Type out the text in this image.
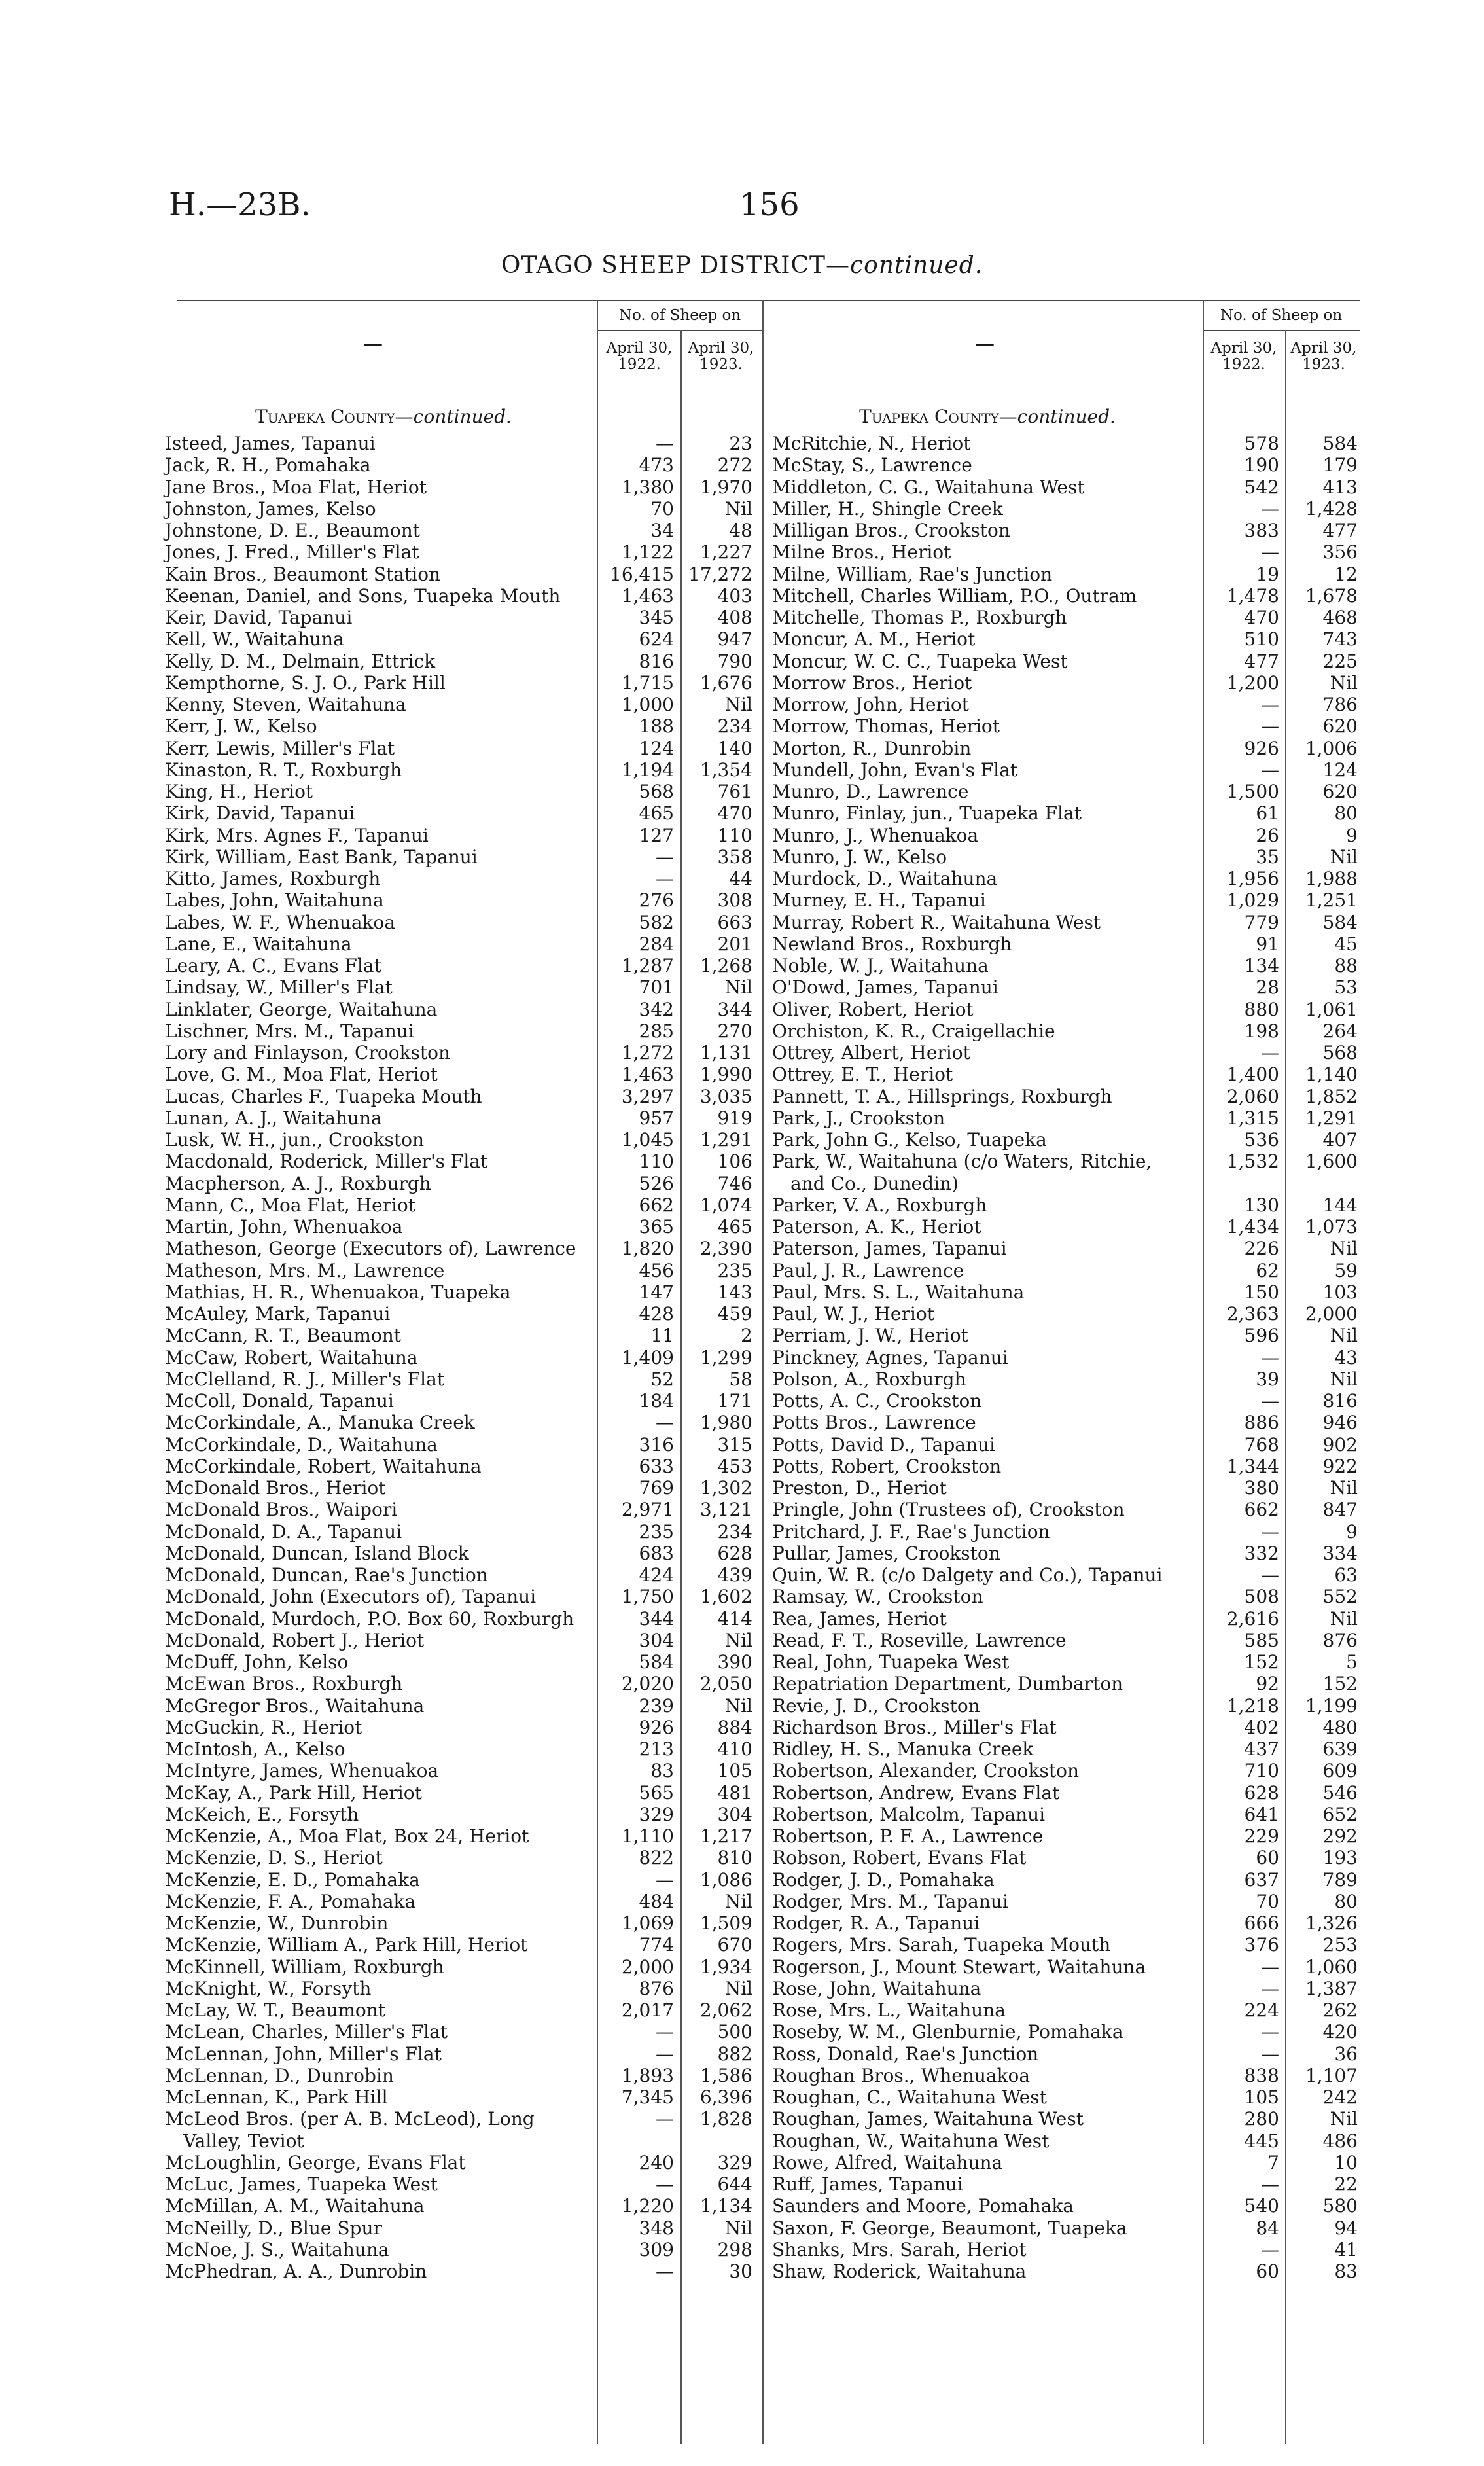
H.—23B.	156
OTAGO SHEEP DISTRICT—continued.
—
No. of Sheep on
April 30, 1922.
April 30, 1923.
—
No. of Sheep on
April 30, 1922.
April 30, 1923.
Tuapeka County—continued.	Tuapeka County—continued.
Isteed, James, Tapanui	—	23
Jack, R. H., Pomahaka	473 272
Jane Bros., Moa Flat, Heriot	1,380 1,970
Johnston, James, Kelso	70	Nil
Johnstone, D. E., Beaumont	34	48
Jones, J. Fred., Miller's Flat	1,122 1,227
Kain Bros., Beaumont Station	16,415 17,272
Keenan, Daniel, and Sons, Tuapeka Mouth	1,463 403
Keir, David, Tapanui	345 408
Kell, W., Waitahuna	624 947
Kelly, D. M., Delmain, Ettrick	816 790
Kempthorne, S. J. O., Park Hill	1,715 1,676
Kenny, Steven, Waitahuna	1,000	Nil
Kerr, J. W., Kelso	188 234
Kerr, Lewis, Miller's Flat	124 140
Kinaston, R. T., Roxburgh	1,194 1,354
King, H., Heriot	568 761
Kirk, David, Tapanui	465 470
Kirk, Mrs. Agnes F., Tapanui	127 110
Kirk, William, East Bank, Tapanui	— 358
Kitto, James, Roxburgh	—	44
Labes, John, Waitahuna	276 308
Labes, W. F., Whenuakoa	582 663
Lane, E., Waitahuna	284 201
Leary, A. C., Evans Flat	1,287 1,268
Lindsay, W., Miller's Flat	701	Nil
Linklater, George, Waitahuna	342 344
Lischner, Mrs. M., Tapanui	285 270
Lory and Finlayson, Crookston	1,272 1,131
Love, G. M., Moa Flat, Heriot	1,463 1,990
Lucas, Charles F., Tuapeka Mouth	3,297 3,035
Lunan, A. J., Waitahuna	957 919
Lusk, W. H., jun., Crookston	1,045 1,291
Macdonald, Roderick, Miller's Flat	110 106
Macpherson, A. J., Roxburgh	526 746
Mann, C., Moa Flat, Heriot	662 1,074
Martin, John, Whenuakoa	365 465
Matheson, George (Executors of), Lawrence 1,820 2,390
Matheson, Mrs. M., Lawrence	456 235
Mathias, H. R., Whenuakoa, Tuapeka	147 143
McAuley, Mark, Tapanui	428 459
McCann, R. T., Beaumont	11	2
McCaw, Robert, Waitahuna	1,409 1,299
McClelland, R. J., Miller's Flat	52	58
McColl, Donald, Tapanui	184 171
McCorkindale, A., Manuka Creek	— 1,980
McCorkindale, D., Waitahuna	316 315
McCorkindale, Robert, Waitahuna	633 453
McDonald Bros., Heriot	769 1,302
McDonald Bros., Waipori	2,971 3,121
McDonald, D. A., Tapanui	235 234
McDonald, Duncan, Island Block	683 628
McDonald, Duncan, Rae's Junction	424 439
McDonald, John (Executors of), Tapanui	1,750 1,602
McDonald, Murdoch, P.O. Box 60, Roxburgh	344 414
McDonald, Robert J., Heriot	304	Nil
McDuff, John, Kelso	584 390
McEwan Bros., Roxburgh	2,020 2,050
McGregor Bros., Waitahuna	239	Nil
McGuckin, R., Heriot	926 884
McIntosh, A., Kelso	213 410
McIntyre, James, Whenuakoa	83 105
McKay, A., Park Hill, Heriot	565 481
McKeich, E., Forsyth	329 304
McKenzie, A., Moa Flat, Box 24, Heriot	1,110 1,217
McKenzie, D. S., Heriot	822 810
McKenzie, E. D., Pomahaka	— 1,086
McKenzie, F. A., Pomahaka	484	Nil
McKenzie, W., Dunrobin	1,069 1,509
McKenzie, William A., Park Hill, Heriot	774 670
McKinnell, William, Roxburgh	2,000 1,934
McKnight, W., Forsyth	876	Nil
McLay, W. T., Beaumont	2,017 2,062
McLean, Charles, Miller's Flat	— 500
McLennan, John, Miller's Flat	— 882
McLennan, D., Dunrobin	1,893 1,586
McLennan, K., Park Hill	7,345 6,396
McLeod Bros. (per A. B. McLeod), Long	— 1,828
Valley, Teviot
McLoughlin, George, Evans Flat	240 329
McLuc, James, Tuapeka West	— 644
McMillan, A. M., Waitahuna	1,220 1,134
McNeilly, D., Blue Spur	348	Nil
McNoe, J. S., Waitahuna	309 298
McPhedran, A. A., Dunrobin	—	30
McRitchie, N., Heriot	578 584
McStay, S., Lawrence	190 179
Middleton, C. G., Waitahuna West	542 413
Miller, H., Shingle Creek	— 1,428
Milligan Bros., Crookston	383 477
Milne Bros., Heriot	— 356
Milne, William, Rae's Junction	19	12
Mitchell, Charles William, P.O., Outram	1,478 1,678
Mitchelle, Thomas P., Roxburgh	470 468
Moncur, A. M., Heriot	510 743
Moncur, W. C. C., Tuapeka West	477 225
Morrow Bros., Heriot	1,200	Nil
Morrow, John, Heriot	— 786
Morrow, Thomas, Heriot	— 620
Morton, R., Dunrobin	926 1,006
Mundell, John, Evan's Flat	— 124
Munro, D., Lawrence	1,500 620
Munro, Finlay, jun., Tuapeka Flat	61	80
Munro, J., Whenuakoa	26	9
Munro, J. W., Kelso	35	Nil
Murdock, D., Waitahuna	1,956 1,988
Murney, E. H., Tapanui	1,029 1,251
Murray, Robert R., Waitahuna West	779 584
Newland Bros., Roxburgh	91	45
Noble, W. J., Waitahuna	134	88
O'Dowd, James, Tapanui	28	53
Oliver, Robert, Heriot	880 1,061
Orchiston, K. R., Craigellachie	198 264
Ottrey, Albert, Heriot	— 568
Ottrey, E. T., Heriot	1,400 1,140
Pannett, T. A., Hillsprings, Roxburgh	2,060 1,852
Park, J., Crookston	1,315 1,291
Park, John G., Kelso, Tuapeka	536 407
Park, W., Waitahuna (c/o Waters, Ritchie,	1,532 1,600
and Co., Dunedin)
Parker, V. A., Roxburgh	130 144
Paterson, A. K., Heriot	1,434 1,073
Paterson, James, Tapanui	226	Nil
Paul, J. R., Lawrence	62	59
Paul, Mrs. S. L., Waitahuna	150 103
Paul, W. J., Heriot	2,363 2,000
Perriam, J. W., Heriot	596	Nil
Pinckney, Agnes, Tapanui	—	43
Polson, A., Roxburgh	39	Nil
Potts, A. C., Crookston	— 816
Potts Bros., Lawrence	886 946
Potts, David D., Tapanui	768 902
Potts, Robert, Crookston	1,344 922
Preston, D., Heriot	380	Nil
Pringle, John (Trustees of), Crookston	662 847
Pritchard, J. F., Rae's Junction	—	9
Pullar, James, Crookston	332 334
Quin, W. R. (c/o Dalgety and Co.), Tapanui	—	63
Ramsay, W., Crookston	508 552
Rea, James, Heriot	2,616	Nil
Read, F. T., Roseville, Lawrence	585 876
Real, John, Tuapeka West	152	5
Repatriation Department, Dumbarton	92 152
Revie, J. D., Crookston	1,218 1,199
Richardson Bros., Miller's Flat	402 480
Ridley, H. S., Manuka Creek	437 639
Robertson, Alexander, Crookston	710 609
Robertson, Andrew, Evans Flat	628 546
Robertson, Malcolm, Tapanui	641 652
Robertson, P. F. A., Lawrence	229 292
Robson, Robert, Evans Flat	60 193
Rodger, J. D., Pomahaka	637 789
Rodger, Mrs. M., Tapanui	70	80
Rodger, R. A., Tapanui	666 1,326
Rogers, Mrs. Sarah, Tuapeka Mouth	376 253
Rogerson, J., Mount Stewart, Waitahuna	— 1,060
Rose, John, Waitahuna	— 1,387
Rose, Mrs. L., Waitahuna	224 262
Roseby, W. M., Glenburnie, Pomahaka	— 420
Ross, Donald, Rae's Junction	—	36
Roughan Bros., Whenuakoa	838 1,107
Roughan, C., Waitahuna West	105 242
Roughan, James, Waitahuna West	280	Nil
Roughan, W., Waitahuna West	445 486
Rowe, Alfred, Waitahuna	7	10
Ruff, James, Tapanui	—	22
Saunders and Moore, Pomahaka	540 580
Saxon, F. George, Beaumont, Tuapeka	84	94
Shanks, Mrs. Sarah, Heriot	—	41
Shaw, Roderick, Waitahuna	60	83
